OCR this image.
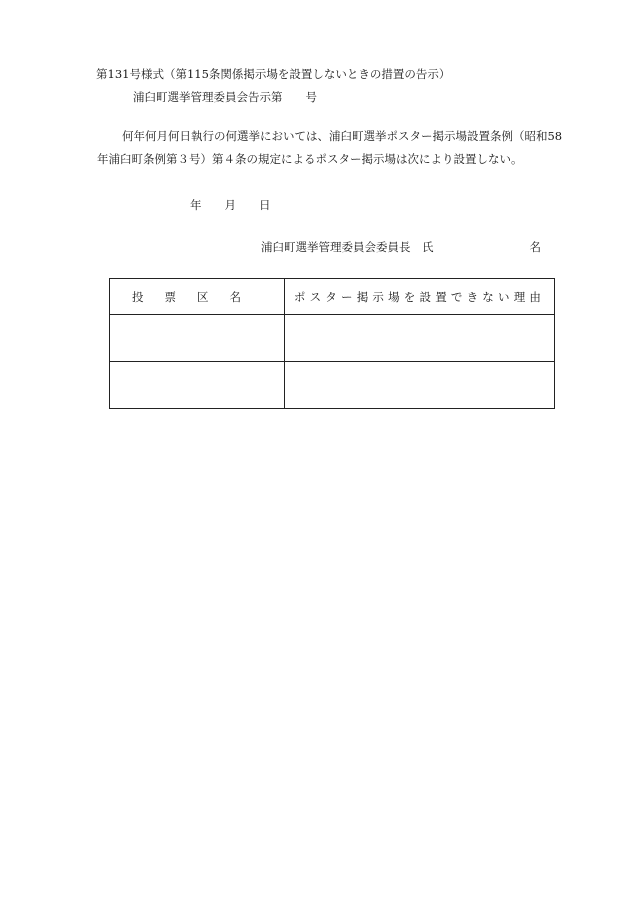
第131号様式（第115条関係掲示場を設置しないときの措置の告示）
浦臼町選挙管理委員会告示第　　号
何年何月何日執行の何選挙においては、浦臼町選挙ポスター掲示場設置条例（昭和58
年浦臼町条例第３号）第４条の規定によるポスター掲示場は次により設置しない。
年　　月　　日
浦臼町選挙管理委員会委員長　氏	名
投票区名	ポスター掲示場を設置できない理由
